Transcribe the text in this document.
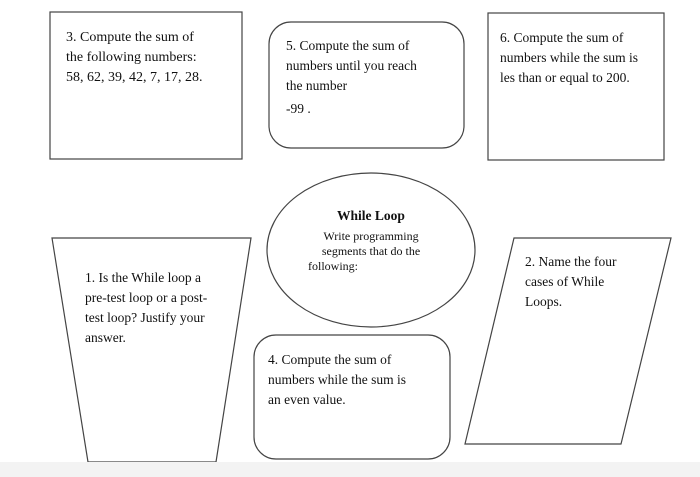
3. Compute the sum of
the following numbers:
58, 62, 39, 42, 7, 17, 28.
5. Compute the sum of
numbers until you reach
the number
-99 .
6. Compute the sum of
numbers while the sum is
les than or equal to 200.
While Loop
Write programming
segments that do the
following:
1. Is the While loop a
pre-test loop or a post-
test loop? Justify your
answer.
4. Compute the sum of
numbers while the sum is
an even value.
2. Name the four
cases of While
Loops.
